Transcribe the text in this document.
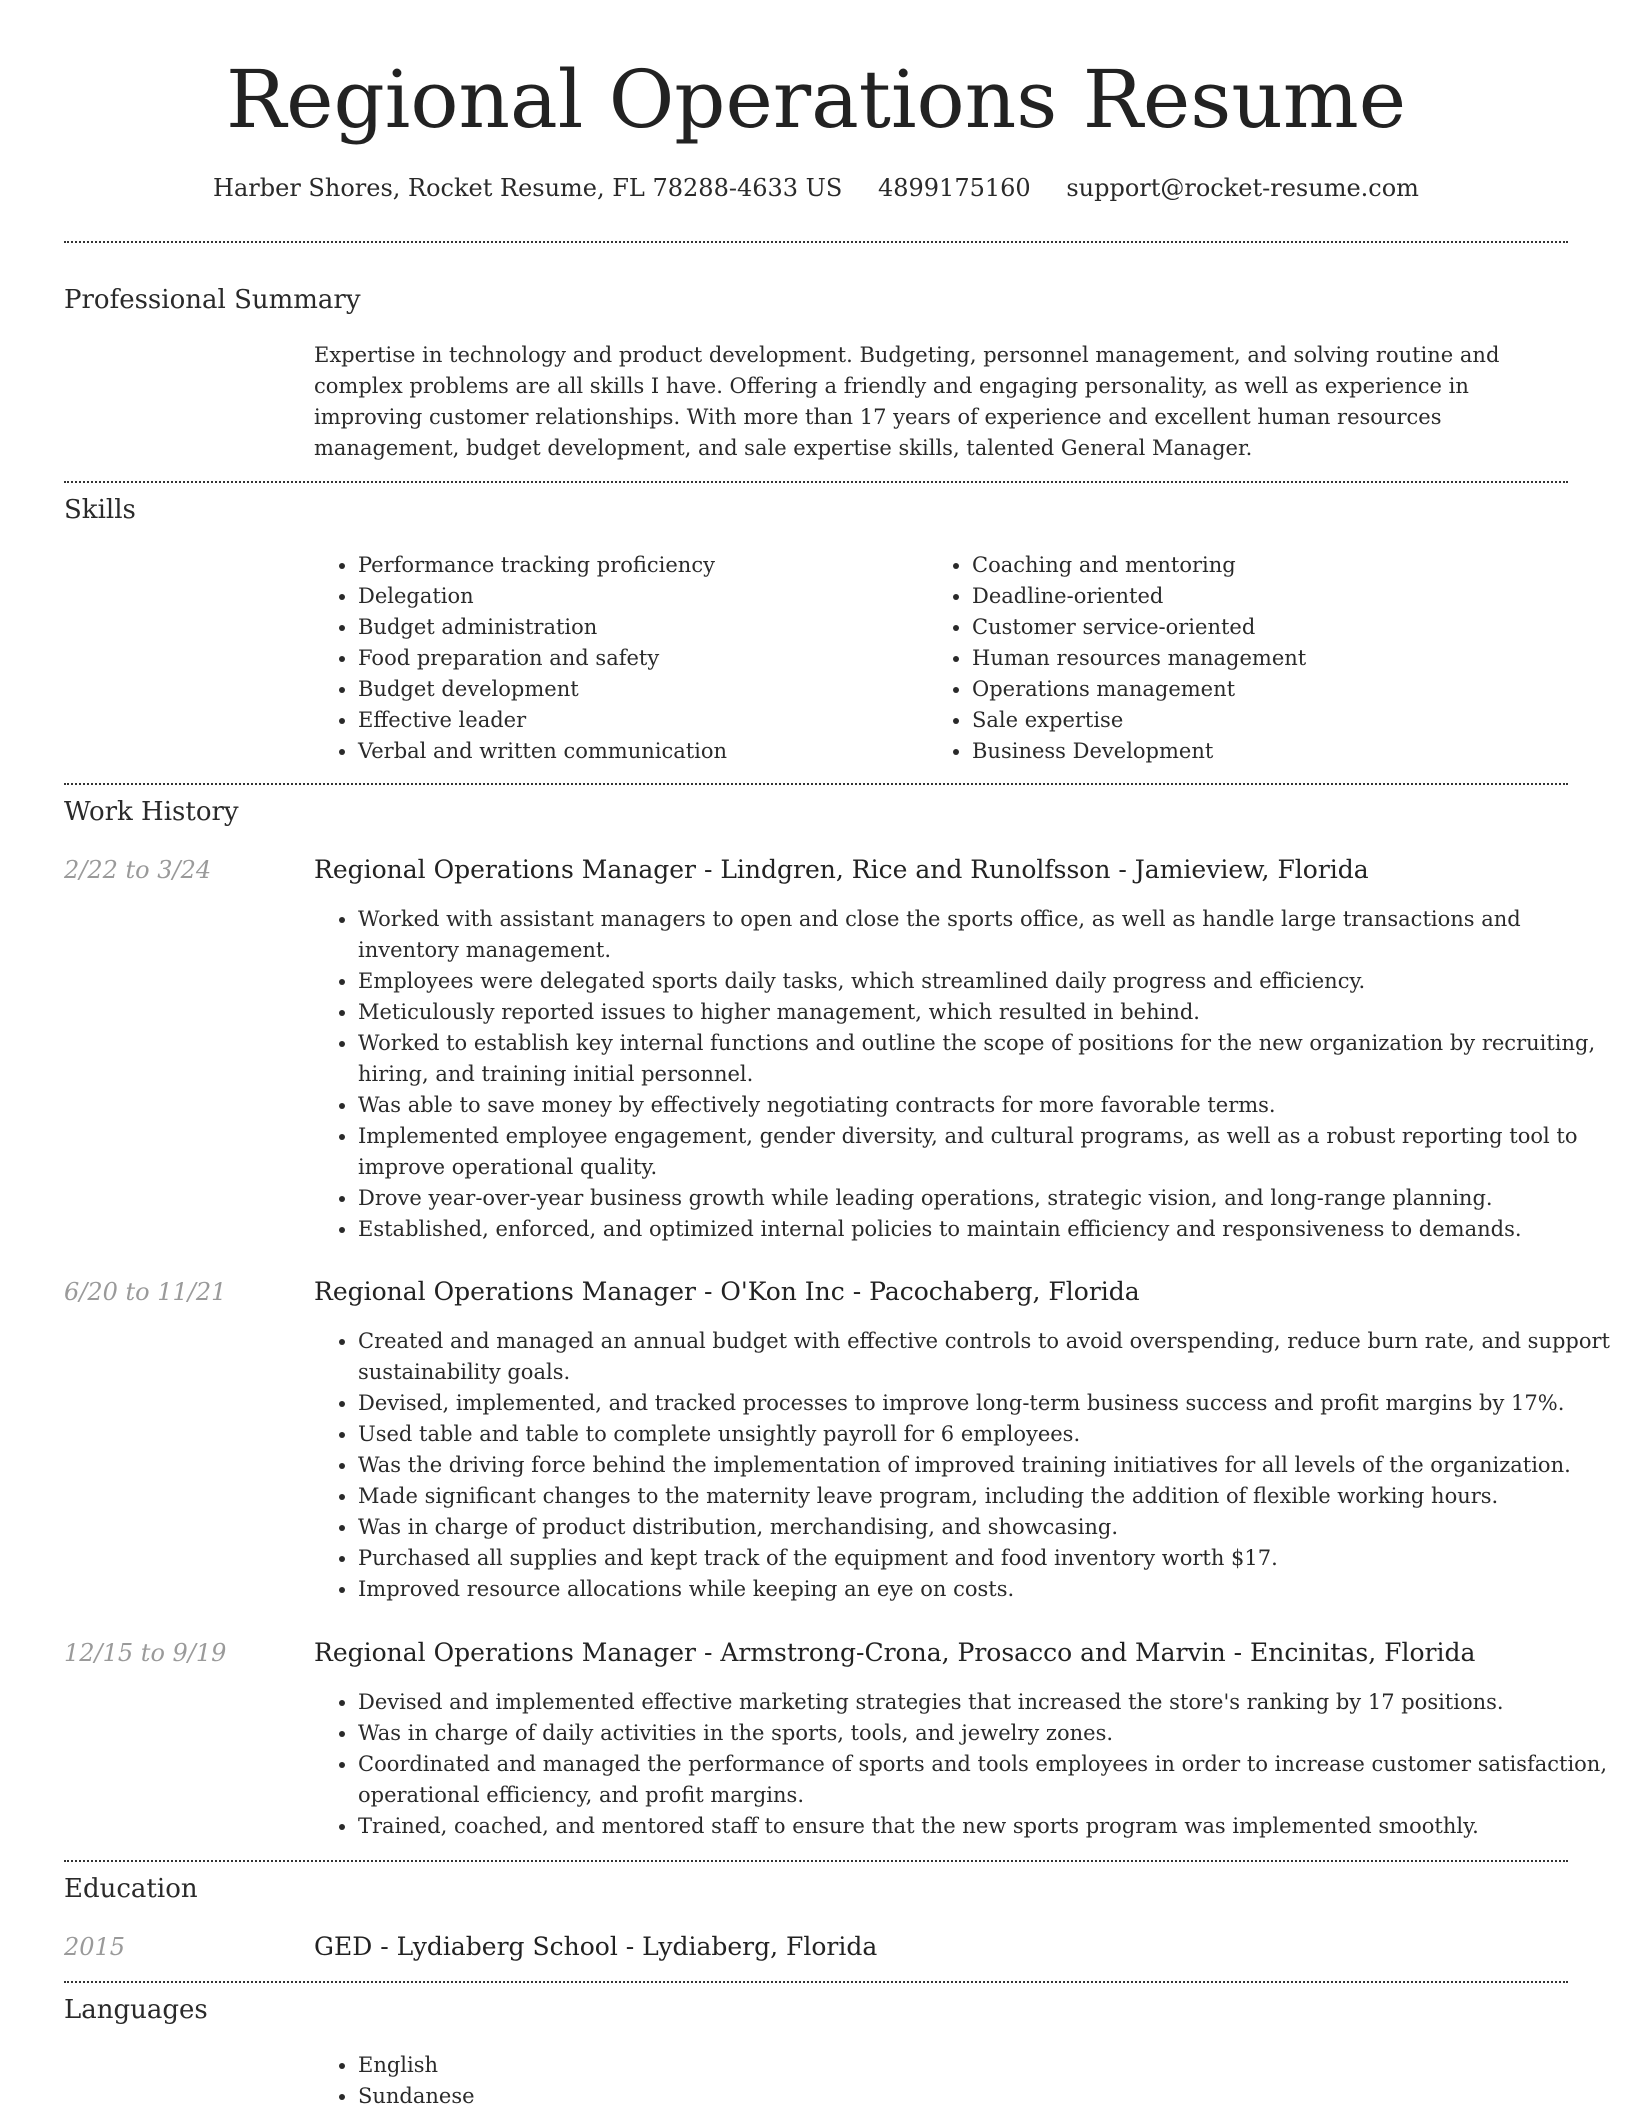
Regional Operations Resume
Harber Shores, Rocket Resume, FL 78288-4633 US 4899175160 support@rocket-resume.com
Professional Summary
Expertise in technology and product development. Budgeting, personnel management, and solving routine and complex problems are all skills I have. Offering a friendly and engaging personality, as well as experience in improving customer relationships. With more than 17 years of experience and excellent human resources management, budget development, and sale expertise skills, talented General Manager.
Skills
• Performance tracking proficiency
• Delegation
• Budget administration
• Food preparation and safety
• Budget development
• Effective leader
• Verbal and written communication
• Coaching and mentoring
• Deadline-oriented
• Customer service-oriented
• Human resources management
• Operations management
• Sale expertise
• Business Development
Work History
2/22 to 3/24	Regional Operations Manager - Lindgren, Rice and Runolfsson - Jamieview, Florida
• Worked with assistant managers to open and close the sports office, as well as handle large transactions and inventory management.
• Employees were delegated sports daily tasks, which streamlined daily progress and efficiency.
• Meticulously reported issues to higher management, which resulted in behind.
• Worked to establish key internal functions and outline the scope of positions for the new organization by recruiting, hiring, and training initial personnel.
• Was able to save money by effectively negotiating contracts for more favorable terms.
• Implemented employee engagement, gender diversity, and cultural programs, as well as a robust reporting tool to improve operational quality.
• Drove year-over-year business growth while leading operations, strategic vision, and long-range planning.
• Established, enforced, and optimized internal policies to maintain efficiency and responsiveness to demands.
6/20 to 11/21	Regional Operations Manager - O'Kon Inc - Pacochaberg, Florida
• Created and managed an annual budget with effective controls to avoid overspending, reduce burn rate, and support sustainability goals.
• Devised, implemented, and tracked processes to improve long-term business success and profit margins by 17%.
• Used table and table to complete unsightly payroll for 6 employees.
• Was the driving force behind the implementation of improved training initiatives for all levels of the organization.
• Made significant changes to the maternity leave program, including the addition of flexible working hours.
• Was in charge of product distribution, merchandising, and showcasing.
• Purchased all supplies and kept track of the equipment and food inventory worth $17.
• Improved resource allocations while keeping an eye on costs.
12/15 to 9/19	Regional Operations Manager - Armstrong-Crona, Prosacco and Marvin - Encinitas, Florida
• Devised and implemented effective marketing strategies that increased the store's ranking by 17 positions.
• Was in charge of daily activities in the sports, tools, and jewelry zones.
• Coordinated and managed the performance of sports and tools employees in order to increase customer satisfaction, operational efficiency, and profit margins.
• Trained, coached, and mentored staff to ensure that the new sports program was implemented smoothly.
Education
2015	GED - Lydiaberg School - Lydiaberg, Florida
Languages
• English
• Sundanese
